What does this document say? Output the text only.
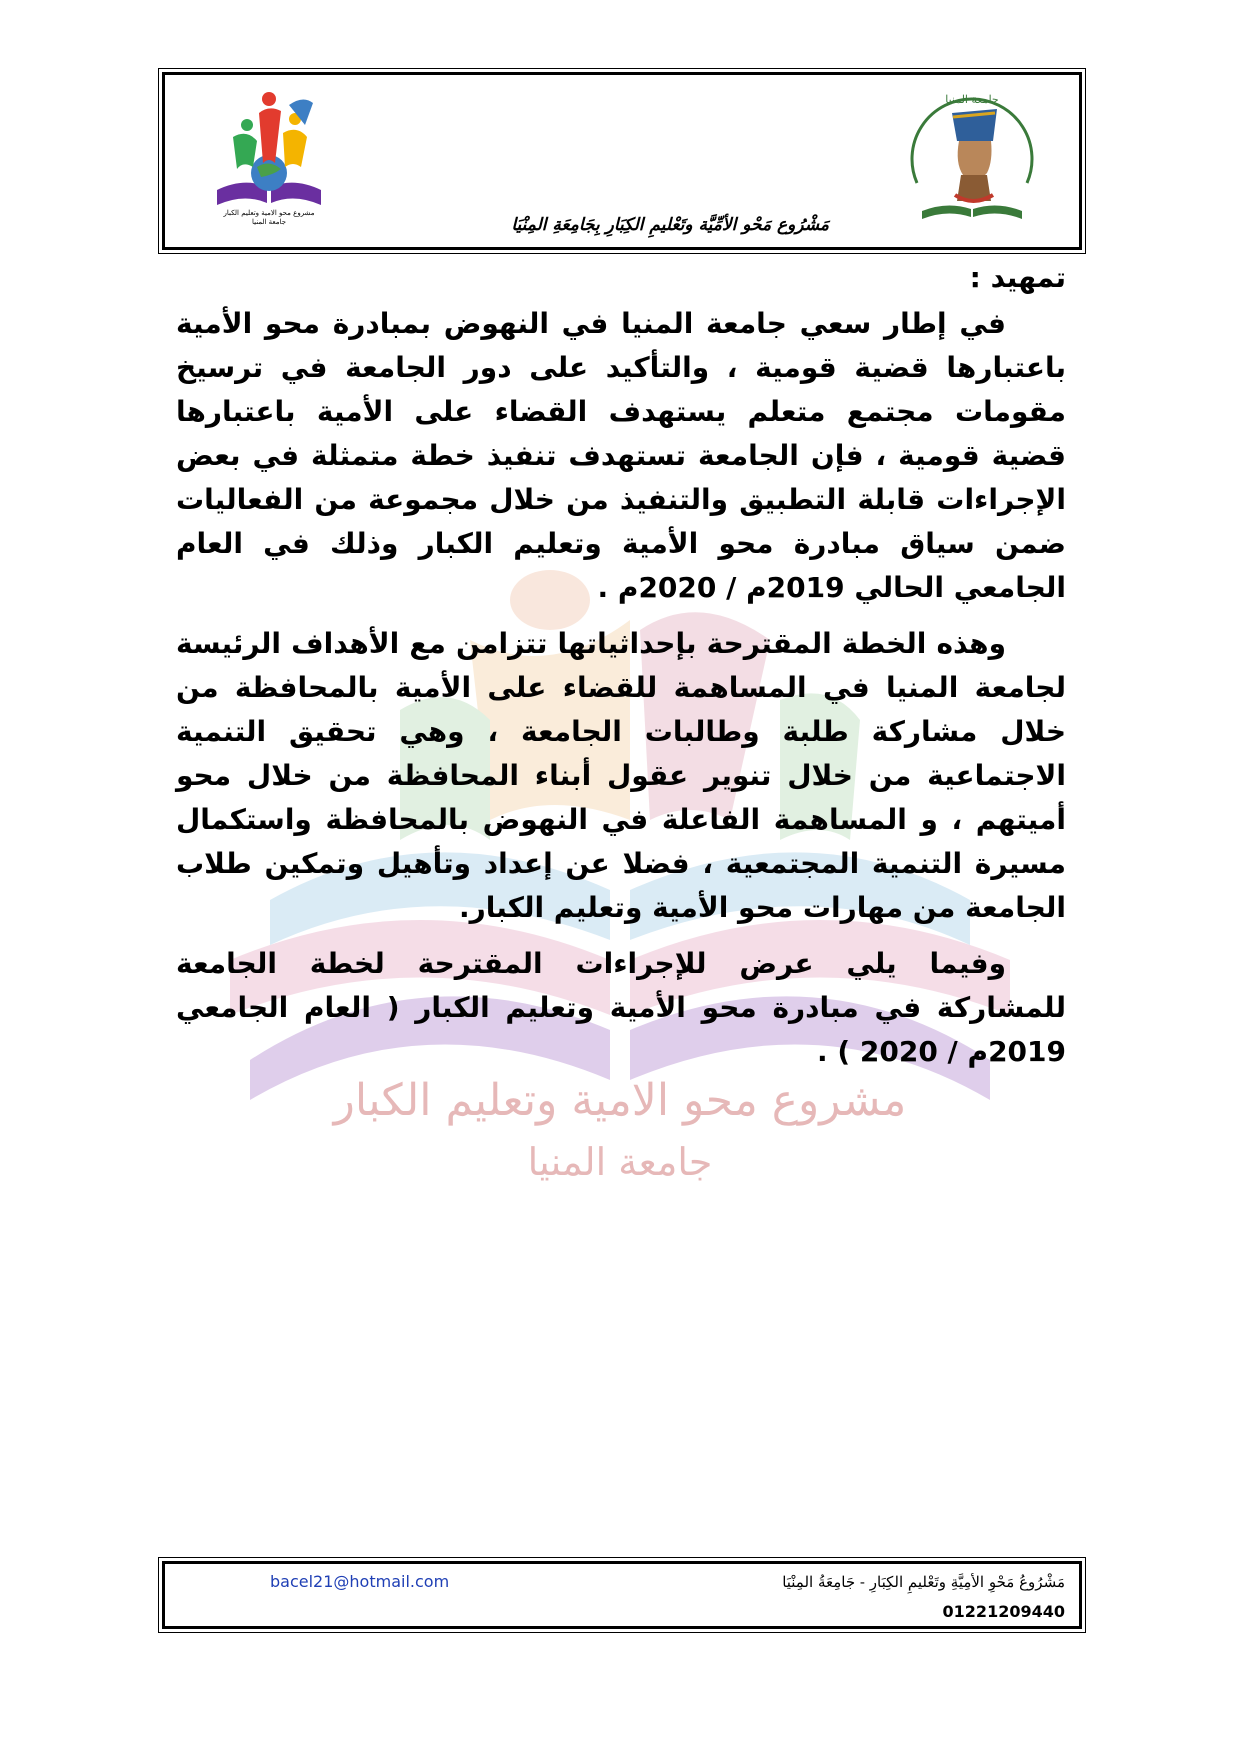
مشروع محو الامية وتعليم الكبار
جامعة المنيا
مشروع محو الامية وتعليم الكبار
جامعة المنيا	مَشْرُوع مَحْو الأمِّيَّة وتَعْليمِ الكِبَارِ بِجَامِعَةِ المِنْيَا
جامعة المنيا
تمهيد :

في إطار سعي جامعة المنيا في النهوض بمبادرة محو الأمية باعتبارها قضية قومية ، والتأكيد على دور الجامعة في ترسيخ مقومات مجتمع متعلم يستهدف القضاء على الأمية باعتبارها قضية قومية ، فإن الجامعة تستهدف تنفيذ خطة متمثلة في بعض الإجراءات قابلة التطبيق والتنفيذ من خلال مجموعة من الفعاليات ضمن سياق مبادرة محو الأمية وتعليم الكبار وذلك في العام الجامعي الحالي 2019م / 2020م .

وهذه الخطة المقترحة بإحداثياتها تتزامن مع الأهداف الرئيسة لجامعة المنيا في المساهمة للقضاء على الأمية بالمحافظة من خلال مشاركة طلبة وطالبات الجامعة ، وهي تحقيق التنمية الاجتماعية من خلال تنوير عقول أبناء المحافظة من خلال محو أميتهم ، و المساهمة الفاعلة في النهوض بالمحافظة واستكمال مسيرة التنمية المجتمعية ، فضلا عن إعداد وتأهيل وتمكين طلاب الجامعة من مهارات محو الأمية وتعليم الكبار.

وفيما يلي عرض للإجراءات المقترحة لخطة الجامعة للمشاركة في مبادرة محو الأمية وتعليم الكبار ( العام الجامعي 2019م / 2020 ) .

bacel21@hotmail.com	مَشْرُوعُ مَحْوِ الأمِيَّةِ وتَعْليمِ الكِبَارِ - جَامِعَةُ المِنْيَا
01221209440
